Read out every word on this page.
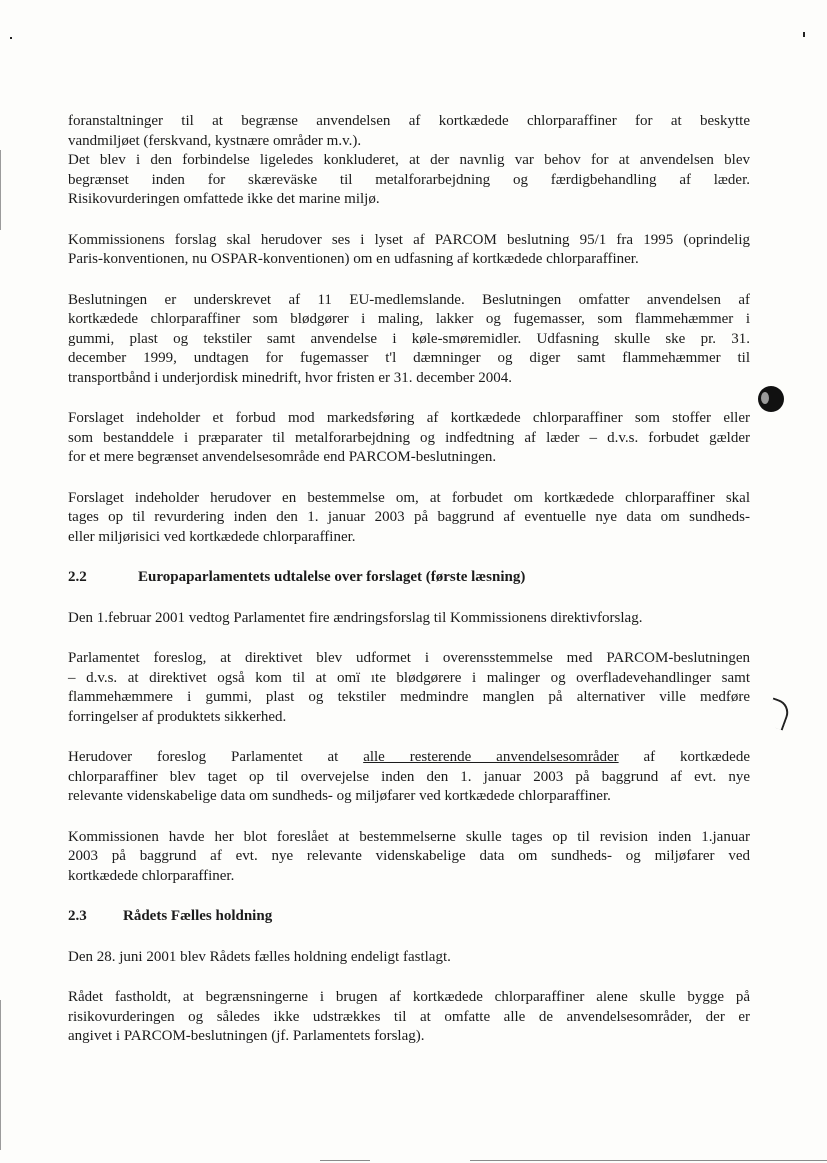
foranstaltninger til at begrænse anvendelsen af kortkædede chlorparaffiner for at beskytte
vandmiljøet (ferskvand, kystnære områder m.v.).
Det blev i den forbindelse ligeledes konkluderet, at der navnlig var behov for at anvendelsen blev
begrænset inden for skæreväske til metalforarbejdning og færdigbehandling af læder.
Risikovurderingen omfattede ikke det marine miljø.
Kommissionens forslag skal herudover ses i lyset af PARCOM beslutning 95/1 fra 1995 (oprindelig
Paris-konventionen, nu OSPAR-konventionen) om en udfasning af kortkædede chlorparaffiner.
Beslutningen er underskrevet af 11 EU-medlemslande. Beslutningen omfatter anvendelsen af
kortkædede chlorparaffiner som blødgører i maling, lakker og fugemasser, som flammehæmmer i
gummi, plast og tekstiler samt anvendelse i køle-smøremidler. Udfasning skulle ske pr. 31.
december 1999, undtagen for fugemasser t'l dæmninger og diger samt flammehæmmer til
transportbånd i underjordisk minedrift, hvor fristen er 31. december 2004.
Forslaget indeholder et forbud mod markedsføring af kortkædede chlorparaffiner som stoffer eller
som bestanddele i præparater til metalforarbejdning og indfedtning af læder – d.v.s. forbudet gælder
for et mere begrænset anvendelsesområde end PARCOM-beslutningen.
Forslaget indeholder herudover en bestemmelse om, at forbudet om kortkædede chlorparaffiner skal
tages op til revurdering inden den 1. januar 2003 på baggrund af eventuelle nye data om sundheds-
eller miljørisici ved kortkædede chlorparaffiner.
2.2	Europaparlamentets udtalelse over forslaget (første læsning)
Den 1.februar 2001 vedtog Parlamentet fire ændringsforslag til Kommissionens direktivforslag.
Parlamentet foreslog, at direktivet blev udformet i overensstemmelse med PARCOM-beslutningen
– d.v.s. at direktivet også kom til at omï ıte blødgørere i malinger og overfladevehandlinger samt
flammehæmmere i gummi, plast og tekstiler medmindre manglen på alternativer ville medføre
forringelser af produktets sikkerhed.
Herudover foreslog Parlamentet at alle resterende anvendelsesområder af kortkædede
chlorparaffiner blev taget op til overvejelse inden den 1. januar 2003 på baggrund af evt. nye
relevante videnskabelige data om sundheds- og miljøfarer ved kortkædede chlorparaffiner.
Kommissionen havde her blot foreslået at bestemmelserne skulle tages op til revision inden 1.januar
2003 på baggrund af evt. nye relevante videnskabelige data om sundheds- og miljøfarer ved
kortkædede chlorparaffiner.
2.3	Rådets Fælles holdning
Den 28. juni 2001 blev Rådets fælles holdning endeligt fastlagt.
Rådet fastholdt, at begrænsningerne i brugen af kortkædede chlorparaffiner alene skulle bygge på
risikovurderingen og således ikke udstrækkes til at omfatte alle de anvendelsesområder, der er
angivet i PARCOM-beslutningen (jf. Parlamentets forslag).
